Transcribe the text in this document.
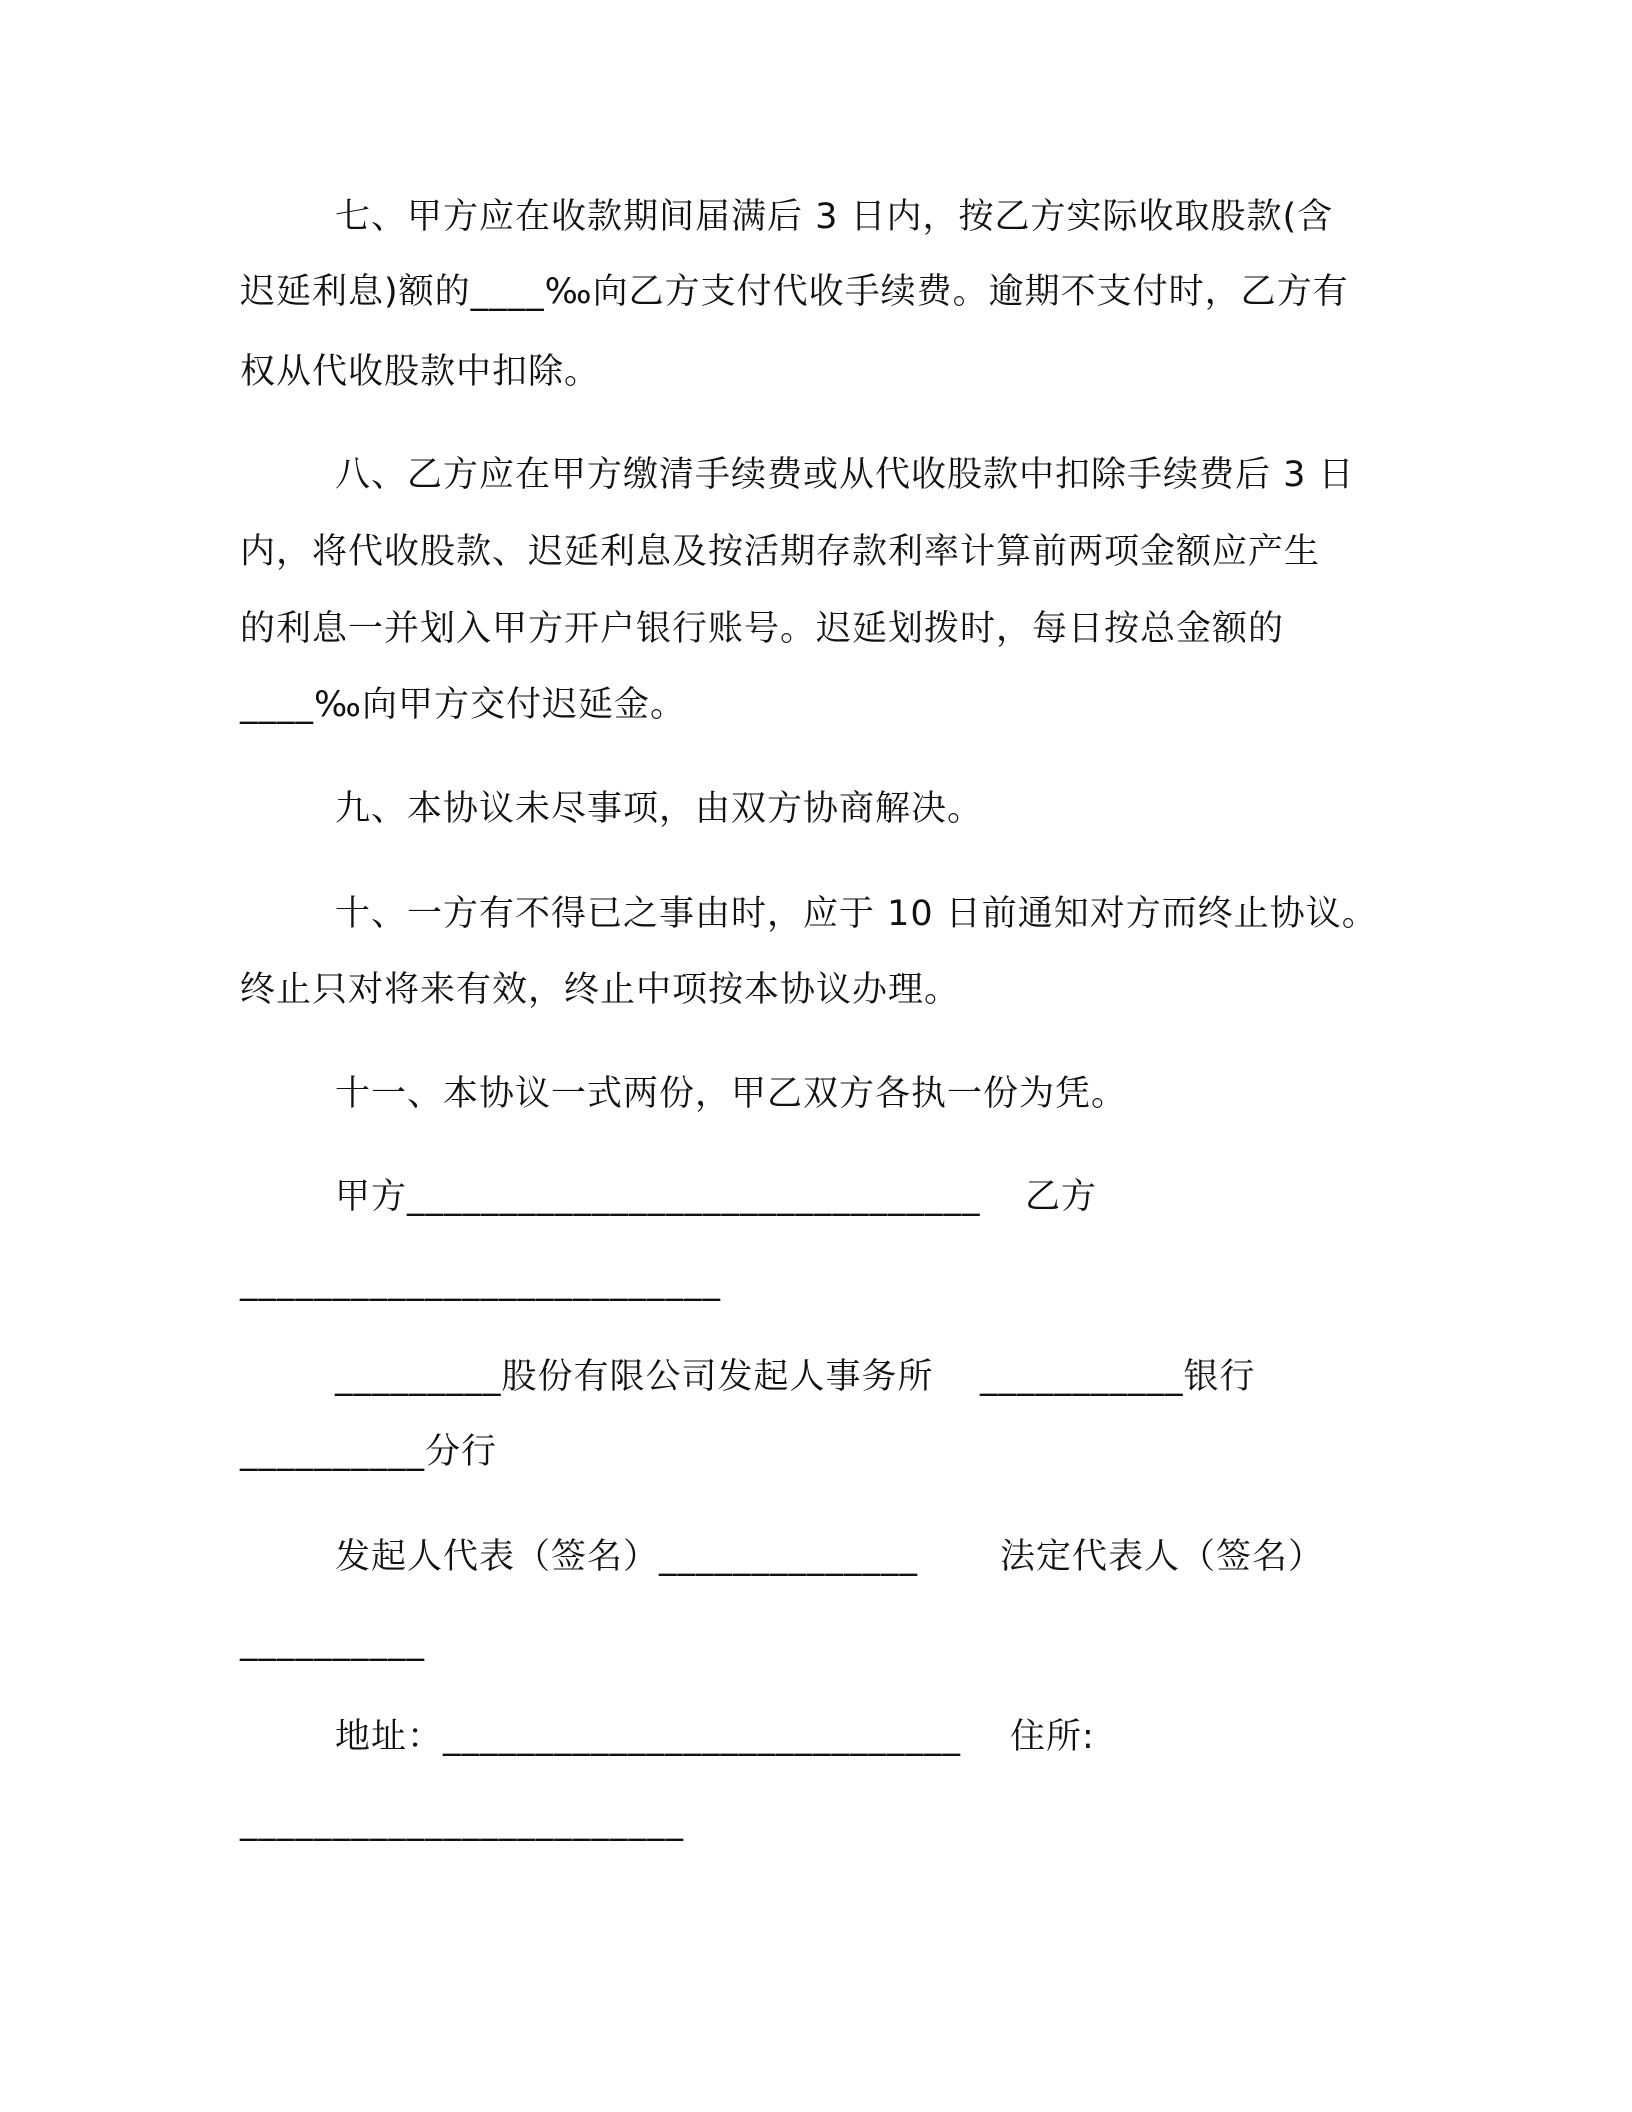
七、甲方应在收款期间届满后 3 日内，按乙方实际收取股款(含
迟延利息)额的____‰向乙方支付代收手续费。逾期不支付时，乙方有
权从代收股款中扣除。
八、乙方应在甲方缴清手续费或从代收股款中扣除手续费后 3 日
内，将代收股款、迟延利息及按活期存款利率计算前两项金额应产生
的利息一并划入甲方开户银行账号。迟延划拨时，每日按总金额的
____‰向甲方交付迟延金。
九、本协议未尽事项，由双方协商解决。
十、一方有不得已之事由时，应于 10 日前通知对方而终止协议。
终止只对将来有效，终止中项按本协议办理。
十一、本协议一式两份，甲乙双方各执一份为凭。
甲方_______________________________ 乙方
__________________________
_________股份有限公司发起人事务所 ___________银行
__________分行
发起人代表（签名）______________ 法定代表人（签名）
__________
地址：____________________________ 住所:
________________________
